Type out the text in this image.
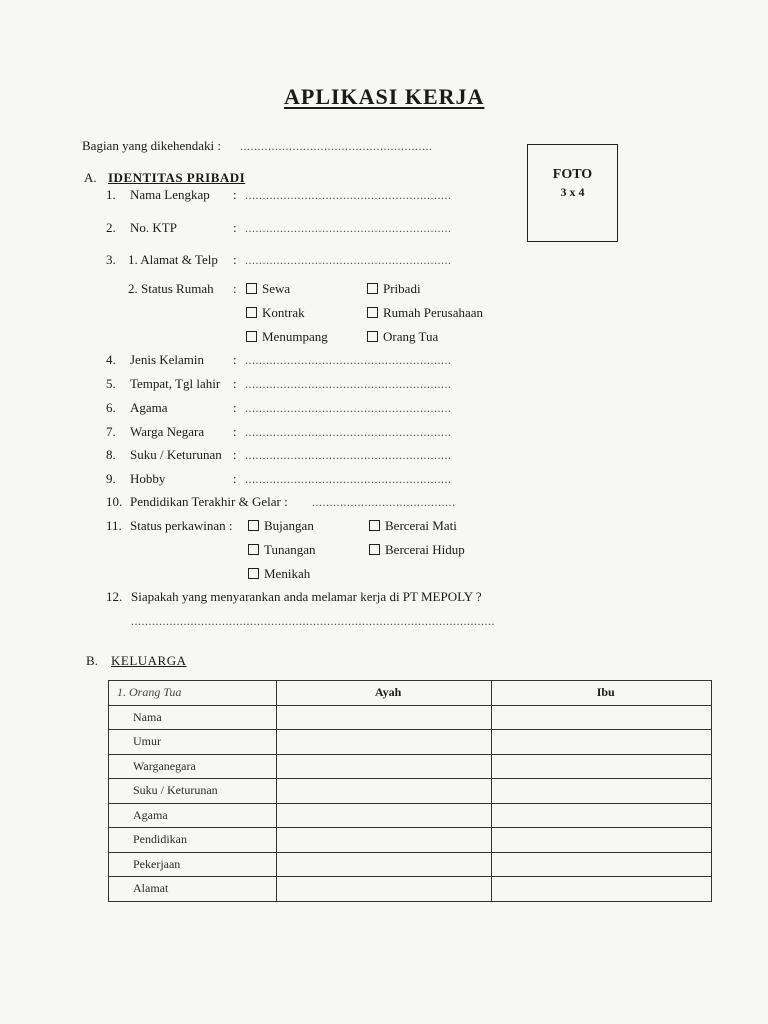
APLIKASI KERJA
Bagian yang dikehendaki : .......................................................
FOTO
3 x 4
A. IDENTITAS PRIBADI
1. Nama Lengkap : ...........................................................
2. No. KTP	: ...........................................................
3. 1. Alamat & Telp : ...........................................................
2. Status Rumah :	Sewa	Pribadi
Kontrak	Rumah Perusahaan
Menumpang	Orang Tua
4. Jenis Kelamin : ...........................................................
5. Tempat, Tgl lahir : ...........................................................
6. Agama	: ...........................................................
7. Warga Negara : ...........................................................
8. Suku / Keturunan : ...........................................................
9. Hobby	: ...........................................................
10. Pendidikan Terakhir & Gelar : .........................................
11. Status perkawinan :	Bujangan	Bercerai Mati
Tunangan	Bercerai Hidup
Menikah
12. Siapakah yang menyarankan anda melamar kerja di PT MEPOLY ?
........................................................................................................
B. KELUARGA
1. Orang Tua	Ayah	Ibu
Nama		
Umur		
Warganegara		
Suku / Keturunan		
Agama		
Pendidikan		
Pekerjaan		
Alamat		
